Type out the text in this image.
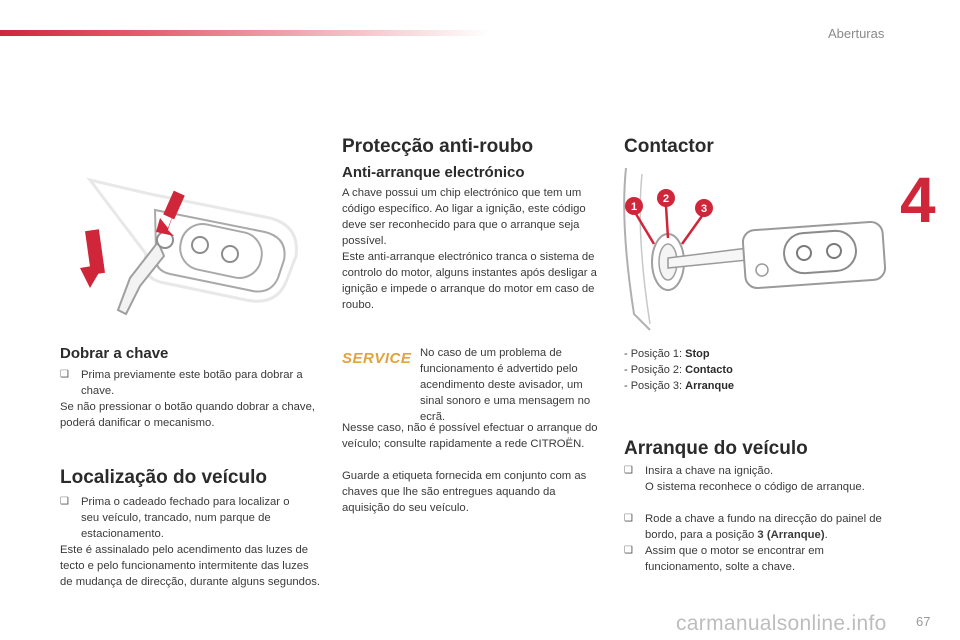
Aberturas
4
Dobrar a chave
❑ Prima previamente este botão para dobrar a chave.
Se não pressionar o botão quando dobrar a chave, poderá danificar o mecanismo.
Localização do veículo
❑ Prima o cadeado fechado para localizar o seu veículo, trancado, num parque de estacionamento.
Este é assinalado pelo acendimento das luzes de tecto e pelo funcionamento intermitente das luzes de mudança de direcção, durante alguns segundos.
Protecção anti-roubo
Anti-arranque electrónico
A chave possui um chip electrónico que tem um código específico. Ao ligar a ignição, este código deve ser reconhecido para que o arranque seja possível.
Este anti-arranque electrónico tranca o sistema de controlo do motor, alguns instantes após desligar a ignição e impede o arranque do motor em caso de roubo.
SERVICE No caso de um problema de funcionamento é advertido pelo acendimento deste avisador, um sinal sonoro e uma mensagem no ecrã.
Nesse caso, não é possível efectuar o arranque do veículo; consulte rapidamente a rede CITROËN.
Guarde a etiqueta fornecida em conjunto com as chaves que lhe são entregues aquando da aquisição do seu veículo.
Contactor
1
2
3
- Posição 1: Stop
- Posição 2: Contacto
- Posição 3: Arranque
Arranque do veículo
❑ Insira a chave na ignição.
O sistema reconhece o código de arranque.
❑ Rode a chave a fundo na direcção do painel de bordo, para a posição 3 (Arranque).
❑ Assim que o motor se encontrar em funcionamento, solte a chave.
carmanualsonline.info 67
